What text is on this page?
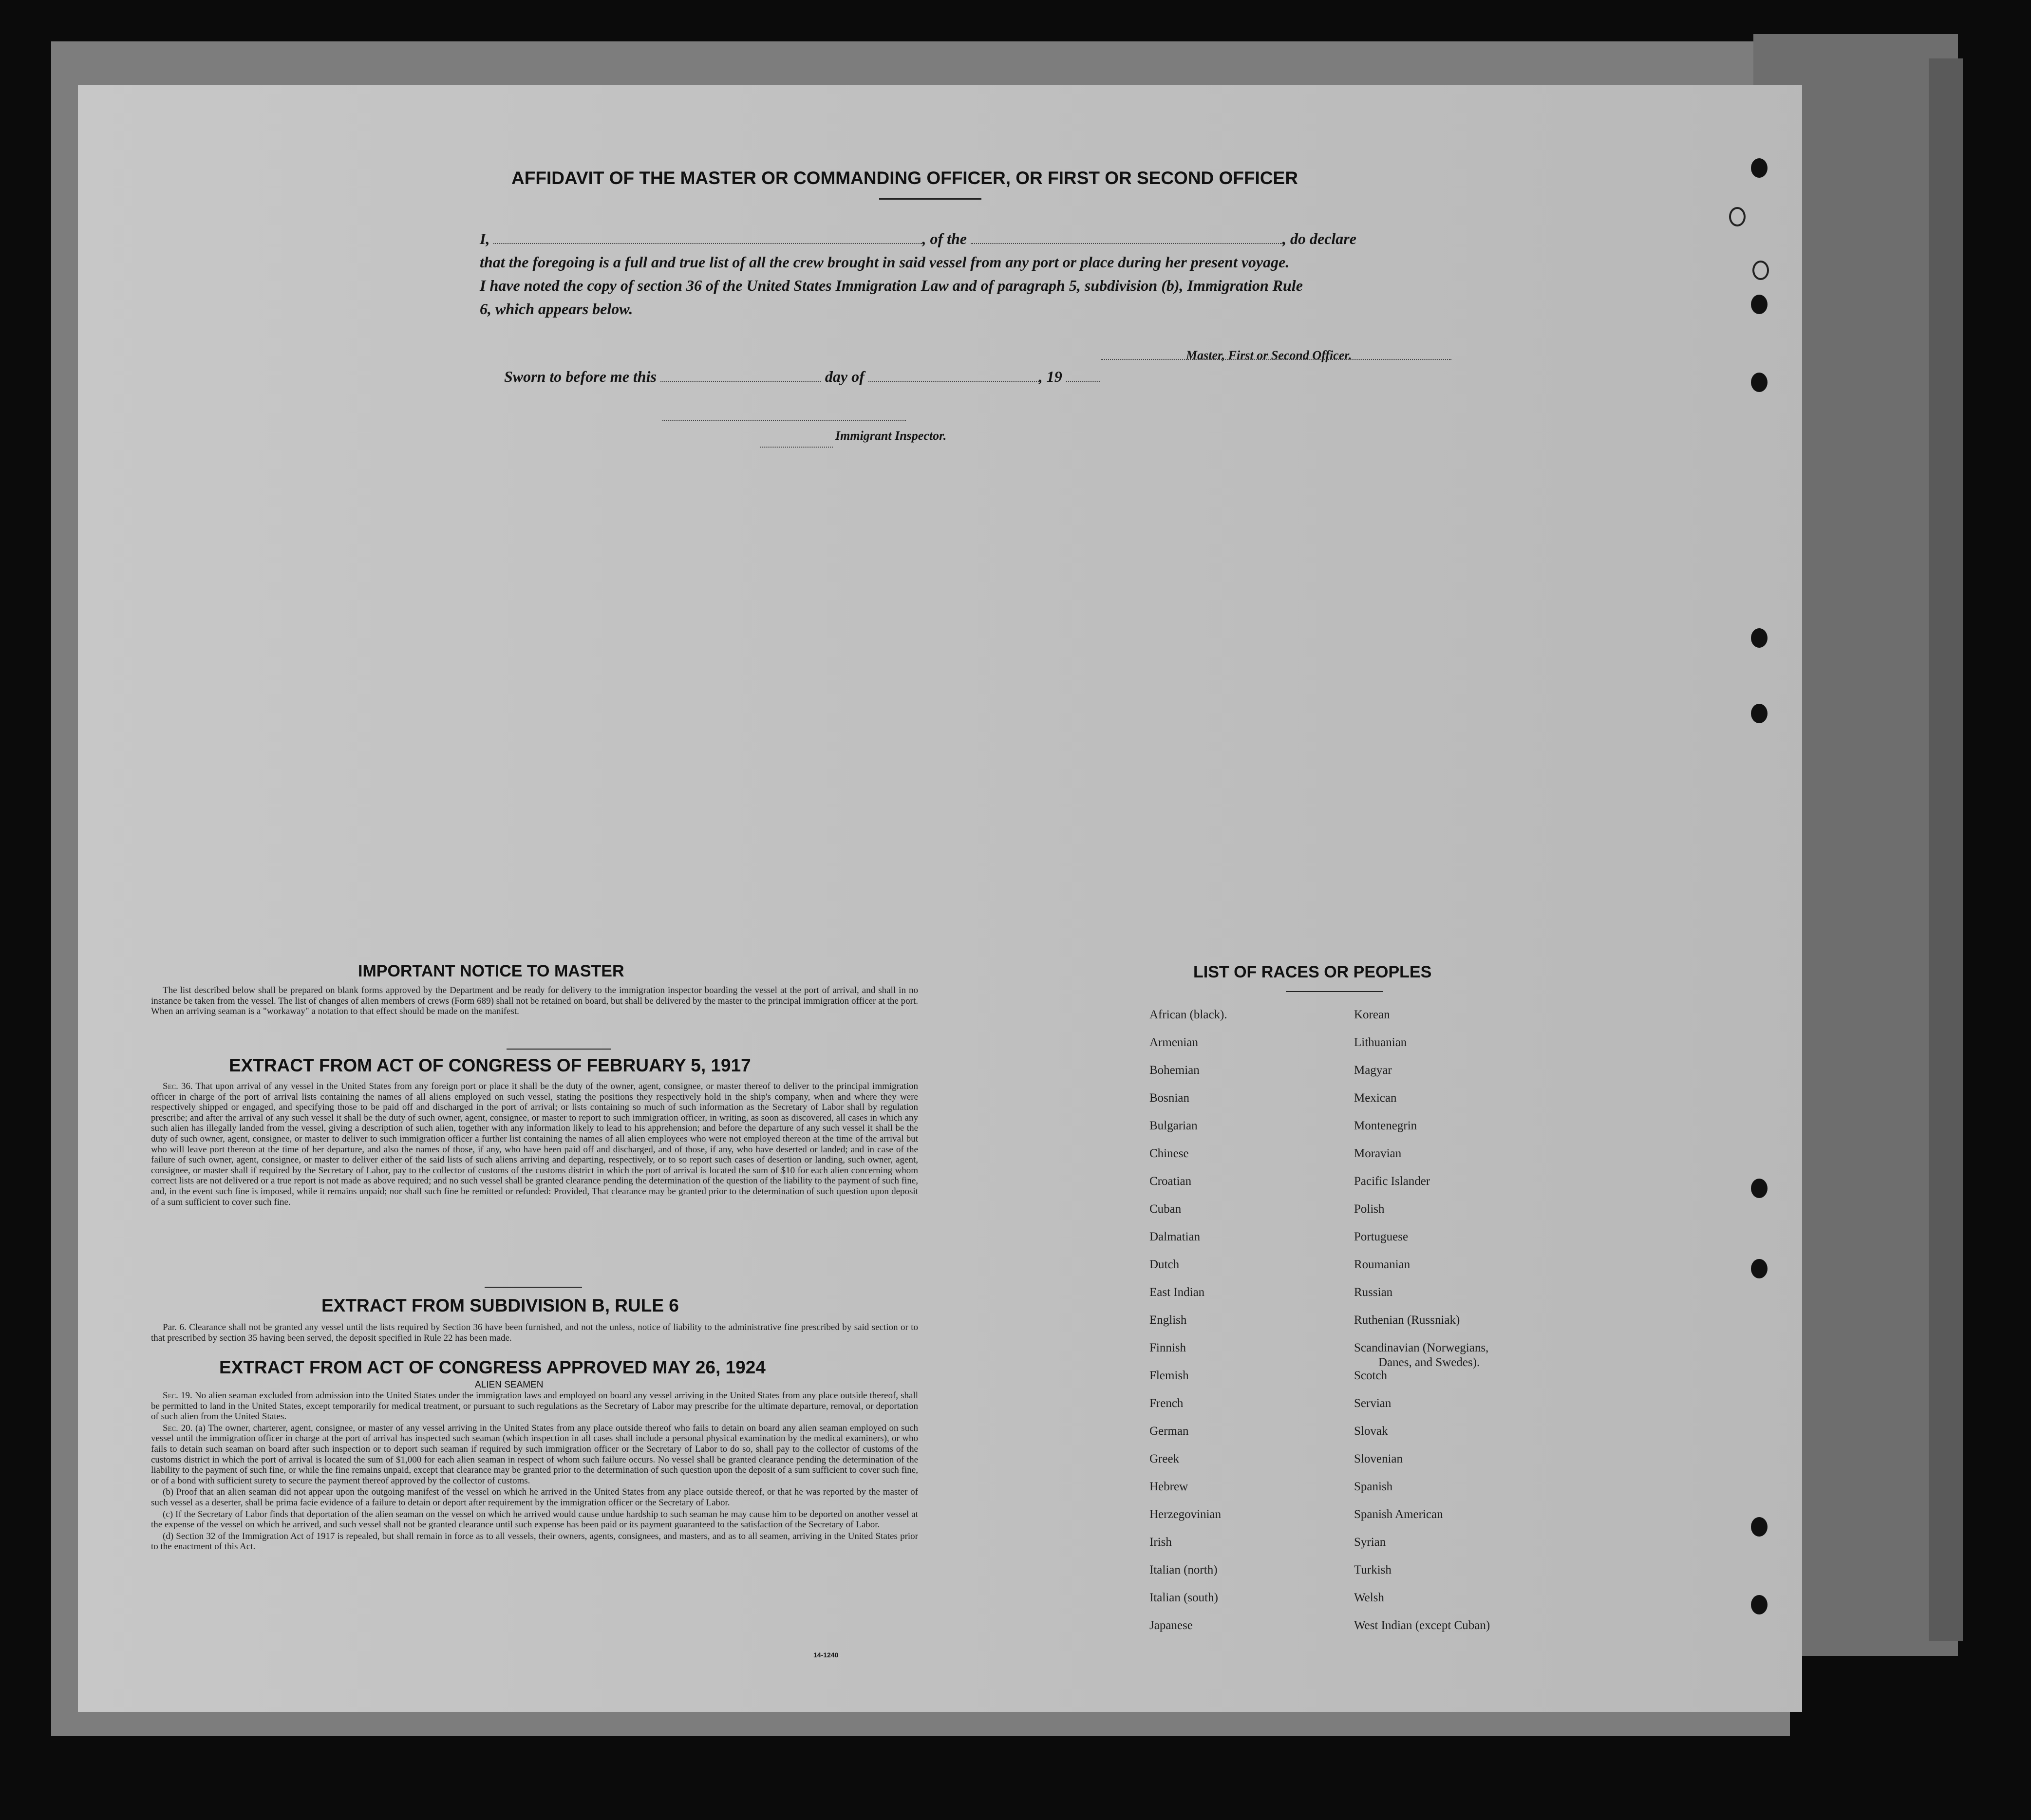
AFFIDAVIT OF THE MASTER OR COMMANDING OFFICER, OR FIRST OR SECOND OFFICER
I,	, of the	, do declare
that the foregoing is a full and true list of all the crew brought in said vessel from any port or place during her present voyage.
I have noted the copy of section 36 of the United States Immigration Law and of paragraph 5, subdivision (b), Immigration Rule
6, which appears below.
Master, First or Second Officer.
Sworn to before me this	day of	, 19
Immigrant Inspector.
IMPORTANT NOTICE TO MASTER

The list described below shall be prepared on blank forms approved by the Department and be ready for delivery to the immigration inspector boarding the vessel at the port of arrival, and shall in no instance be taken from the vessel. The list of changes of alien members of crews (Form 689) shall not be retained on board, but shall be delivered by the master to the principal immigration officer at the port. When an arriving seaman is a "workaway" a notation to that effect should be made on the manifest.

EXTRACT FROM ACT OF CONGRESS OF FEBRUARY 5, 1917

Sec. 36. That upon arrival of any vessel in the United States from any foreign port or place it shall be the duty of the owner, agent, consignee, or master thereof to deliver to the principal immigration officer in charge of the port of arrival lists containing the names of all aliens employed on such vessel, stating the positions they respectively hold in the ship's company, when and where they were respectively shipped or engaged, and specifying those to be paid off and discharged in the port of arrival; or lists containing so much of such information as the Secretary of Labor shall by regulation prescribe; and after the arrival of any such vessel it shall be the duty of such owner, agent, consignee, or master to report to such immigration officer, in writing, as soon as discovered, all cases in which any such alien has illegally landed from the vessel, giving a description of such alien, together with any information likely to lead to his apprehension; and before the departure of any such vessel it shall be the duty of such owner, agent, consignee, or master to deliver to such immigration officer a further list containing the names of all alien employees who were not employed thereon at the time of the arrival but who will leave port thereon at the time of her departure, and also the names of those, if any, who have been paid off and discharged, and of those, if any, who have deserted or landed; and in case of the failure of such owner, agent, consignee, or master to deliver either of the said lists of such aliens arriving and departing, respectively, or to so report such cases of desertion or landing, such owner, agent, consignee, or master shall if required by the Secretary of Labor, pay to the collector of customs of the customs district in which the port of arrival is located the sum of $10 for each alien concerning whom correct lists are not delivered or a true report is not made as above required; and no such vessel shall be granted clearance pending the determination of the question of the liability to the payment of such fine, and, in the event such fine is imposed, while it remains unpaid; nor shall such fine be remitted or refunded: Provided, That clearance may be granted prior to the determination of such question upon deposit of a sum sufficient to cover such fine.

EXTRACT FROM SUBDIVISION B, RULE 6

Par. 6. Clearance shall not be granted any vessel until the lists required by Section 36 have been furnished, and not the unless, notice of liability to the administrative fine prescribed by said section or to that prescribed by section 35 having been served, the deposit specified in Rule 22 has been made.

EXTRACT FROM ACT OF CONGRESS APPROVED MAY 26, 1924
ALIEN SEAMEN

Sec. 19. No alien seaman excluded from admission into the United States under the immigration laws and employed on board any vessel arriving in the United States from any place outside thereof, shall be permitted to land in the United States, except temporarily for medical treatment, or pursuant to such regulations as the Secretary of Labor may prescribe for the ultimate departure, removal, or deportation of such alien from the United States.

Sec. 20. (a) The owner, charterer, agent, consignee, or master of any vessel arriving in the United States from any place outside thereof who fails to detain on board any alien seaman employed on such vessel until the immigration officer in charge at the port of arrival has inspected such seaman (which inspection in all cases shall include a personal physical examination by the medical examiners), or who fails to detain such seaman on board after such inspection or to deport such seaman if required by such immigration officer or the Secretary of Labor to do so, shall pay to the collector of customs of the customs district in which the port of arrival is located the sum of $1,000 for each alien seaman in respect of whom such failure occurs. No vessel shall be granted clearance pending the determination of the liability to the payment of such fine, or while the fine remains unpaid, except that clearance may be granted prior to the determination of such question upon the deposit of a sum sufficient to cover such fine, or of a bond with sufficient surety to secure the payment thereof approved by the collector of customs.

(b) Proof that an alien seaman did not appear upon the outgoing manifest of the vessel on which he arrived in the United States from any place outside thereof, or that he was reported by the master of such vessel as a deserter, shall be prima facie evidence of a failure to detain or deport after requirement by the immigration officer or the Secretary of Labor.

(c) If the Secretary of Labor finds that deportation of the alien seaman on the vessel on which he arrived would cause undue hardship to such seaman he may cause him to be deported on another vessel at the expense of the vessel on which he arrived, and such vessel shall not be granted clearance until such expense has been paid or its payment guaranteed to the satisfaction of the Secretary of Labor.

(d) Section 32 of the Immigration Act of 1917 is repealed, but shall remain in force as to all vessels, their owners, agents, consignees, and masters, and as to all seamen, arriving in the United States prior to the enactment of this Act.

14-1240
LIST OF RACES OR PEOPLES
African (black).
Armenian
Bohemian
Bosnian
Bulgarian
Chinese
Croatian
Cuban
Dalmatian
Dutch
East Indian
English
Finnish
Flemish
French
German
Greek
Hebrew
Herzegovinian
Irish
Italian (north)
Italian (south)
Japanese
Korean
Lithuanian
Magyar
Mexican
Montenegrin
Moravian
Pacific Islander
Polish
Portuguese
Roumanian
Russian
Ruthenian (Russniak)
Scandinavian (Norwegians,
Danes, and Swedes).
Scotch
Servian
Slovak
Slovenian
Spanish
Spanish American
Syrian
Turkish
Welsh
West Indian (except Cuban)
